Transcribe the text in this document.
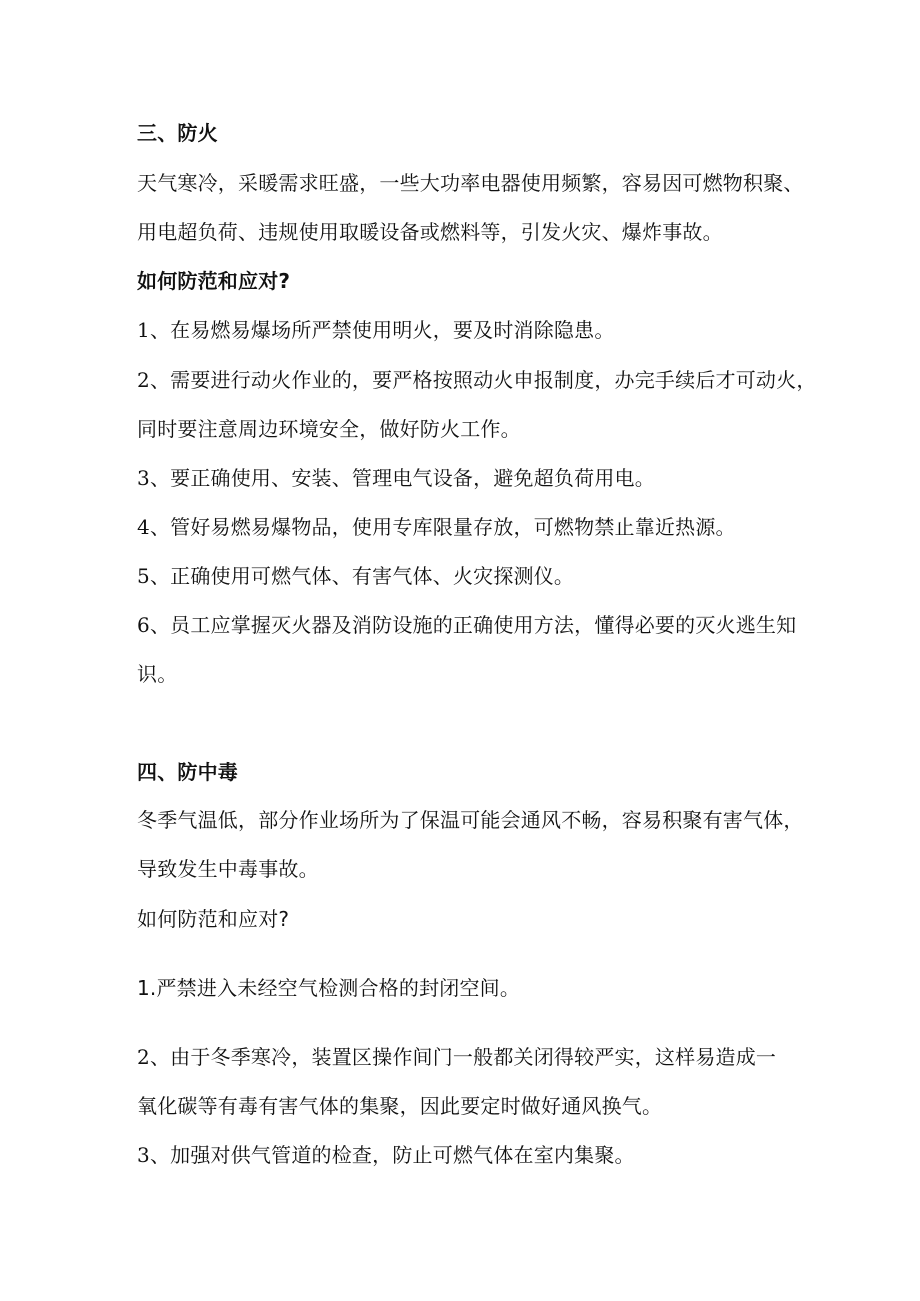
三、防火
天气寒冷，采暖需求旺盛，一些大功率电器使用频繁，容易因可燃物积聚、
用电超负荷、违规使用取暖设备或燃料等，引发火灾、爆炸事故。
如何防范和应对?
1、在易燃易爆场所严禁使用明火，要及时消除隐患。
2、需要进行动火作业的，要严格按照动火申报制度，办完手续后才可动火，
同时要注意周边环境安全，做好防火工作。
3、要正确使用、安装、管理电气设备，避免超负荷用电。
4、管好易燃易爆物品，使用专库限量存放，可燃物禁止靠近热源。
5、正确使用可燃气体、有害气体、火灾探测仪。
6、员工应掌握灭火器及消防设施的正确使用方法，懂得必要的灭火逃生知
识。
四、防中毒
冬季气温低，部分作业场所为了保温可能会通风不畅，容易积聚有害气体，
导致发生中毒事故。
如何防范和应对?
1.严禁进入未经空气检测合格的封闭空间。
2、由于冬季寒冷，装置区操作间门一般都关闭得较严实，这样易造成一
氧化碳等有毒有害气体的集聚，因此要定时做好通风换气。
3、加强对供气管道的检查，防止可燃气体在室内集聚。
